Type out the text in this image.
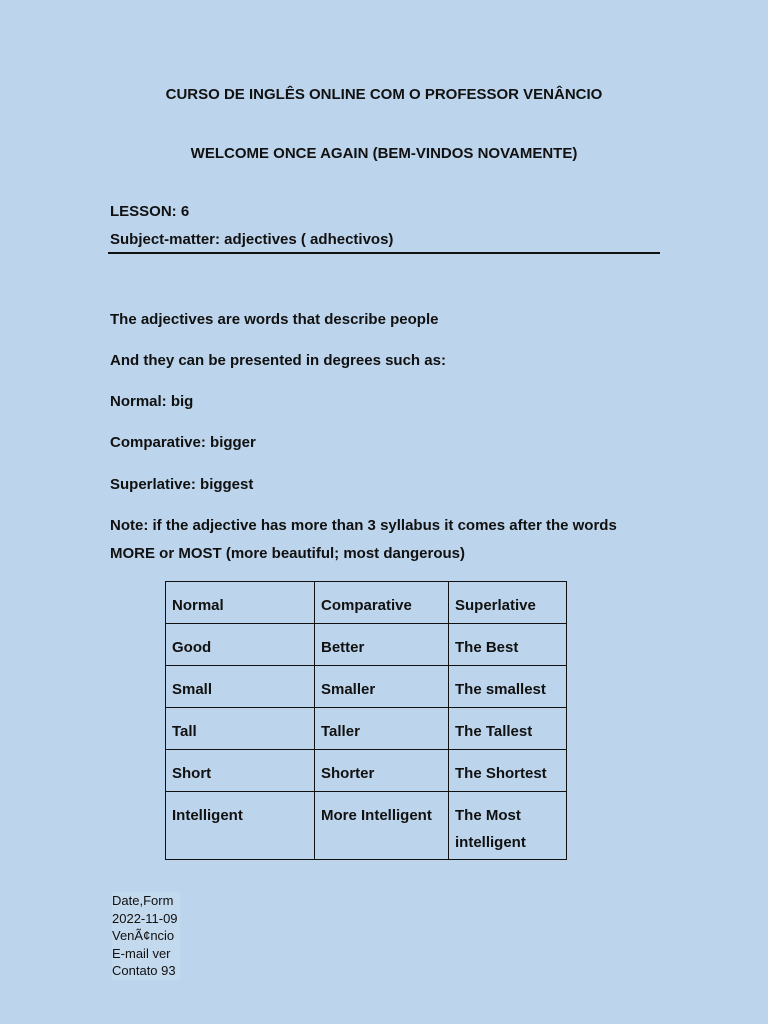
CURSO DE INGLÊS ONLINE COM O PROFESSOR VENÂNCIO
WELCOME ONCE AGAIN (BEM-VINDOS NOVAMENTE)
LESSON: 6
Subject-matter: adjectives ( adhectivos)
The adjectives are words that describe people
And they can be presented in degrees such as:
Normal: big
Comparative: bigger
Superlative: biggest
Note: if the adjective has more than 3 syllabus it comes after the words
MORE or MOST (more beautiful; most dangerous)
Normal	Comparative	Superlative
Good	Better	The Best
Small	Smaller	The smallest
Tall	Taller	The Tallest
Short	Shorter	The Shortest
Intelligent	More Intelligent	The Most intelligent
Date,Form
2022-11-09
VenÃ¢ncio
E-mail ver
Contato 93
